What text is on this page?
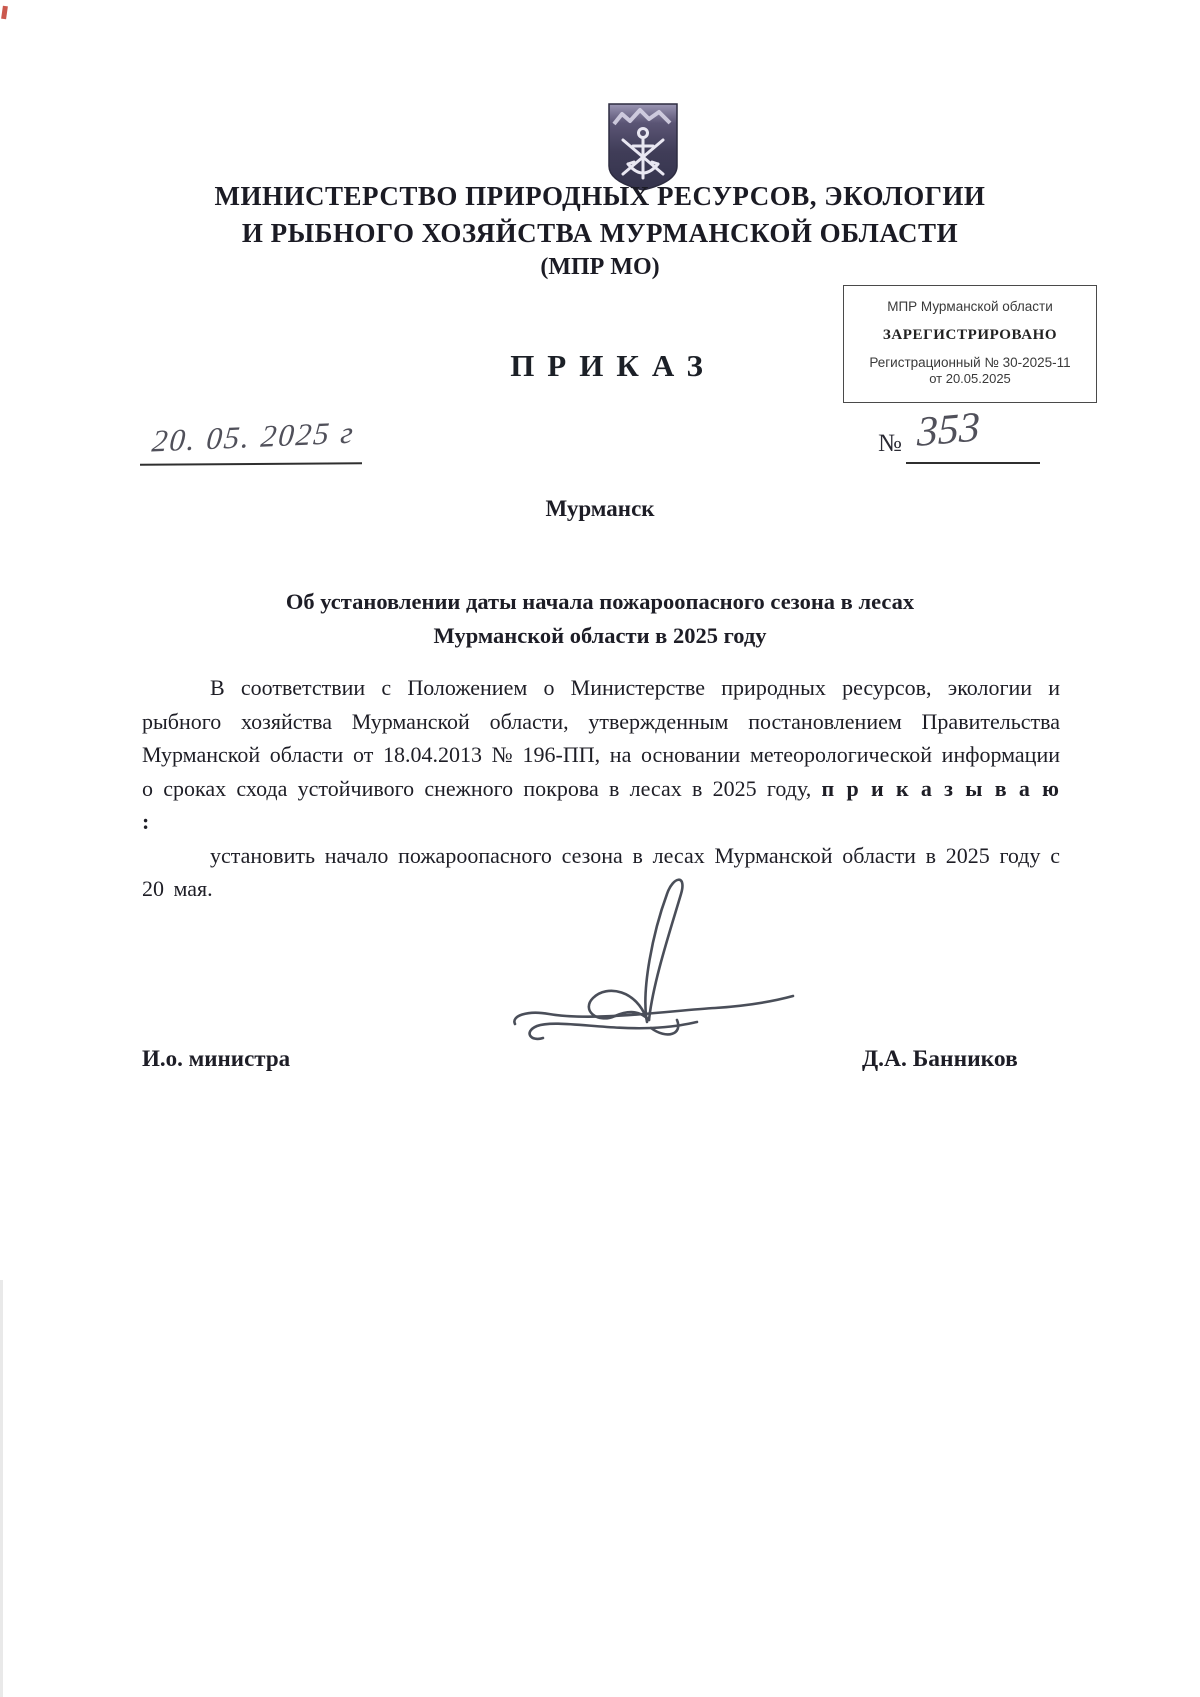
МИНИСТЕРСТВО ПРИРОДНЫХ РЕСУРСОВ, ЭКОЛОГИИ
И РЫБНОГО ХОЗЯЙСТВА МУРМАНСКОЙ ОБЛАСТИ
(МПР МО)
МПР Мурманской области
ЗАРЕГИСТРИРОВАНО
Регистрационный № 30-2025-11
от 20.05.2025
ПРИКАЗ
20. 05. 2025 г	№ 353
Мурманск
Об установлении даты начала пожароопасного сезона в лесах
Мурманской области в 2025 году

В соответствии с Положением о Министерстве природных ресурсов, экологии и рыбного хозяйства Мурманской области, утвержденным постановлением Правительства Мурманской области от 18.04.2013 № 196-ПП, на основании метеорологической информации о сроках схода устойчивого снежного покрова в лесах в 2025 году, п р и к а з ы в а ю :

установить начало пожароопасного сезона в лесах Мурманской области в 2025 году с 20 мая.

И.о. министра	Д.А. Банников
